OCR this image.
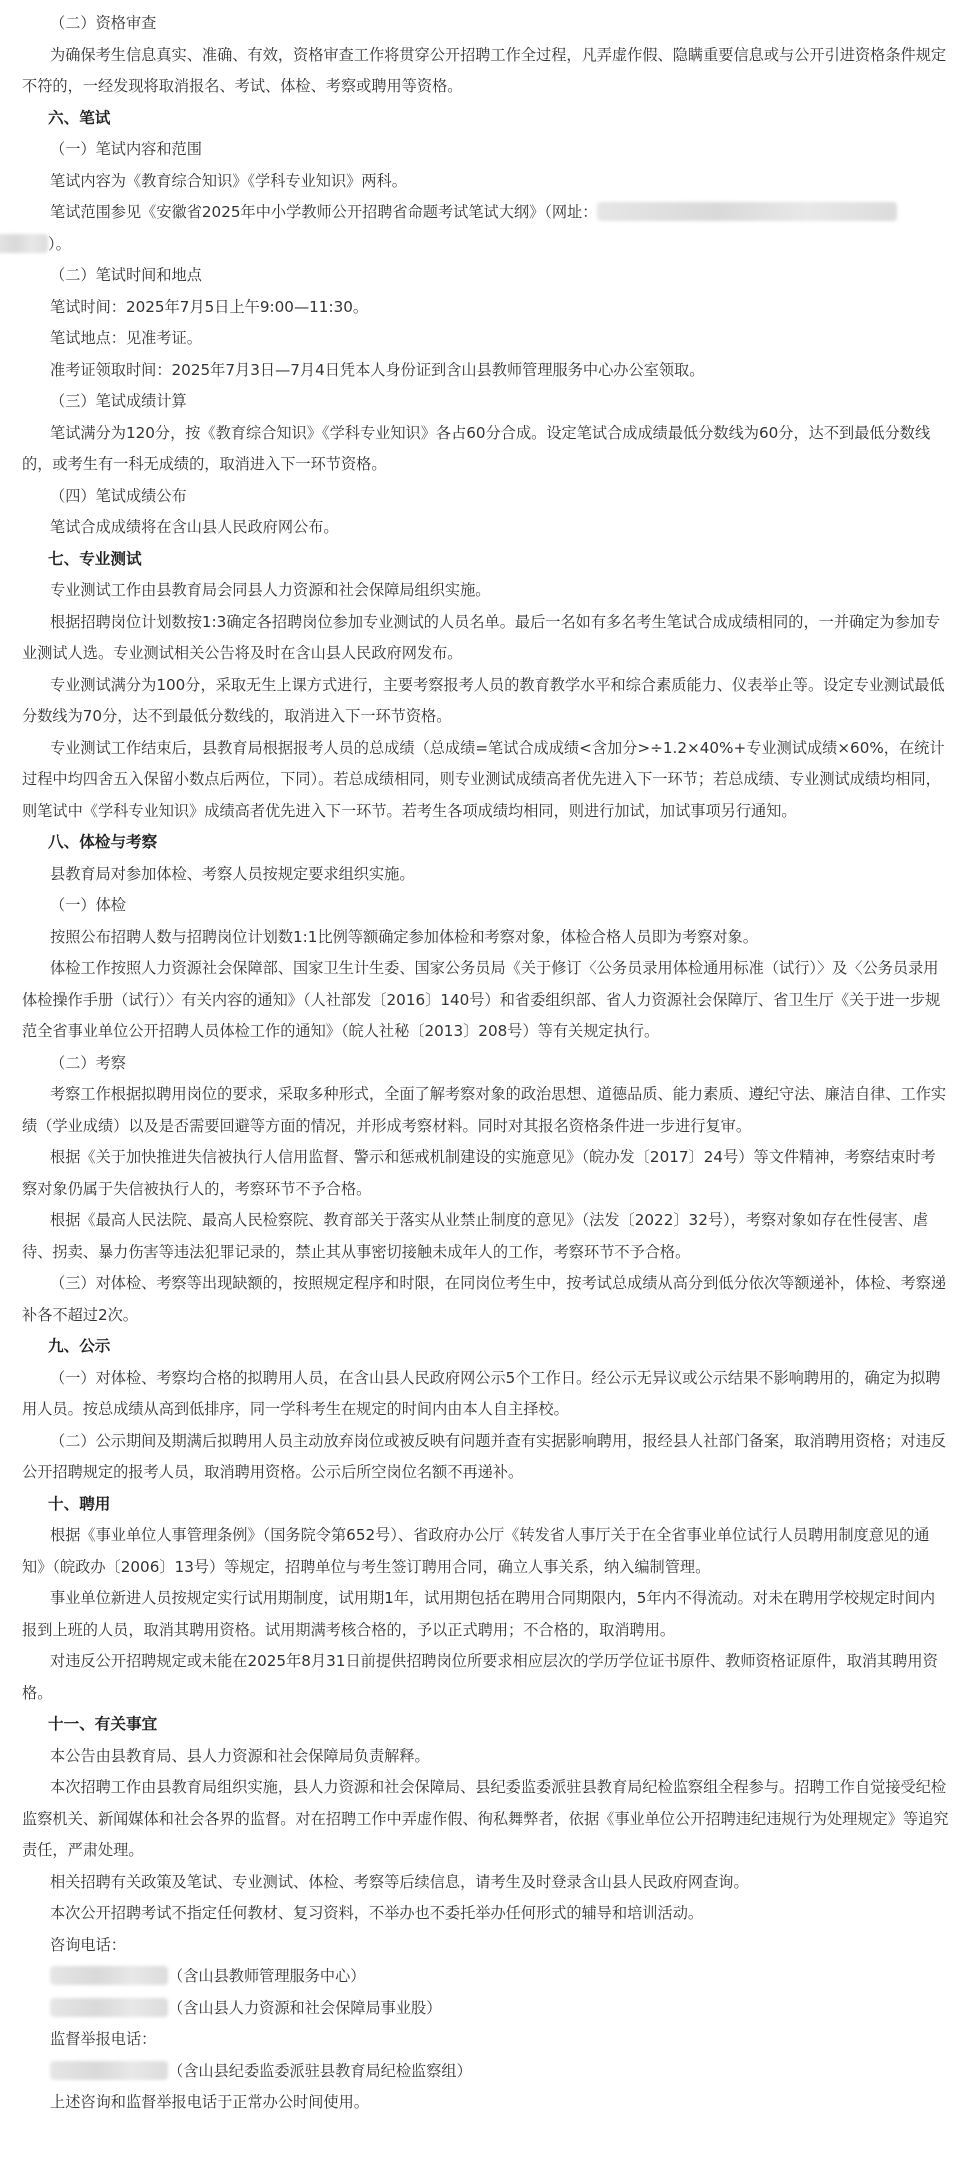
（二）资格审查

为确保考生信息真实、准确、有效，资格审查工作将贯穿公开招聘工作全过程，凡弄虚作假、隐瞒重要信息或与公开引进资格条件规定不符的，一经发现将取消报名、考试、体检、考察或聘用等资格。

六、笔试

（一）笔试内容和范围

笔试内容为《教育综合知识》《学科专业知识》两科。

笔试范围参见《安徽省2025年中小学教师公开招聘省命题考试笔试大纲》（网址：
）。

（二）笔试时间和地点

笔试时间：2025年7月5日上午9:00—11:30。

笔试地点：见准考证。

准考证领取时间：2025年7月3日—7月4日凭本人身份证到含山县教师管理服务中心办公室领取。

（三）笔试成绩计算

笔试满分为120分，按《教育综合知识》《学科专业知识》各占60分合成。设定笔试合成成绩最低分数线为60分，达不到最低分数线的，或考生有一科无成绩的，取消进入下一环节资格。

（四）笔试成绩公布

笔试合成成绩将在含山县人民政府网公布。

七、专业测试

专业测试工作由县教育局会同县人力资源和社会保障局组织实施。

根据招聘岗位计划数按1:3确定各招聘岗位参加专业测试的人员名单。最后一名如有多名考生笔试合成成绩相同的，一并确定为参加专业测试人选。专业测试相关公告将及时在含山县人民政府网发布。

专业测试满分为100分，采取无生上课方式进行，主要考察报考人员的教育教学水平和综合素质能力、仪表举止等。设定专业测试最低分数线为70分，达不到最低分数线的，取消进入下一环节资格。

专业测试工作结束后，县教育局根据报考人员的总成绩（总成绩=笔试合成成绩<含加分>÷1.2×40%+专业测试成绩×60%，在统计过程中均四舍五入保留小数点后两位，下同）。若总成绩相同，则专业测试成绩高者优先进入下一环节；若总成绩、专业测试成绩均相同，则笔试中《学科专业知识》成绩高者优先进入下一环节。若考生各项成绩均相同，则进行加试，加试事项另行通知。

八、体检与考察

县教育局对参加体检、考察人员按规定要求组织实施。

（一）体检

按照公布招聘人数与招聘岗位计划数1:1比例等额确定参加体检和考察对象，体检合格人员即为考察对象。

体检工作按照人力资源社会保障部、国家卫生计生委、国家公务员局《关于修订〈公务员录用体检通用标准（试行）〉及〈公务员录用体检操作手册（试行）〉有关内容的通知》（人社部发〔2016〕140号）和省委组织部、省人力资源社会保障厅、省卫生厅《关于进一步规范全省事业单位公开招聘人员体检工作的通知》（皖人社秘〔2013〕208号）等有关规定执行。

（二）考察

考察工作根据拟聘用岗位的要求，采取多种形式，全面了解考察对象的政治思想、道德品质、能力素质、遵纪守法、廉洁自律、工作实绩（学业成绩）以及是否需要回避等方面的情况，并形成考察材料。同时对其报名资格条件进一步进行复审。

根据《关于加快推进失信被执行人信用监督、警示和惩戒机制建设的实施意见》（皖办发〔2017〕24号）等文件精神，考察结束时考察对象仍属于失信被执行人的，考察环节不予合格。

根据《最高人民法院、最高人民检察院、教育部关于落实从业禁止制度的意见》（法发〔2022〕32号），考察对象如存在性侵害、虐待、拐卖、暴力伤害等违法犯罪记录的，禁止其从事密切接触未成年人的工作，考察环节不予合格。

（三）对体检、考察等出现缺额的，按照规定程序和时限，在同岗位考生中，按考试总成绩从高分到低分依次等额递补，体检、考察递补各不超过2次。

九、公示

（一）对体检、考察均合格的拟聘用人员，在含山县人民政府网公示5个工作日。经公示无异议或公示结果不影响聘用的，确定为拟聘用人员。按总成绩从高到低排序，同一学科考生在规定的时间内由本人自主择校。

（二）公示期间及期满后拟聘用人员主动放弃岗位或被反映有问题并查有实据影响聘用，报经县人社部门备案，取消聘用资格；对违反公开招聘规定的报考人员，取消聘用资格。公示后所空岗位名额不再递补。

十、聘用

根据《事业单位人事管理条例》（国务院令第652号）、省政府办公厅《转发省人事厅关于在全省事业单位试行人员聘用制度意见的通知》（皖政办〔2006〕13号）等规定，招聘单位与考生签订聘用合同，确立人事关系，纳入编制管理。

事业单位新进人员按规定实行试用期制度，试用期1年，试用期包括在聘用合同期限内，5年内不得流动。对未在聘用学校规定时间内报到上班的人员，取消其聘用资格。试用期满考核合格的，予以正式聘用；不合格的，取消聘用。

对违反公开招聘规定或未能在2025年8月31日前提供招聘岗位所要求相应层次的学历学位证书原件、教师资格证原件，取消其聘用资格。

十一、有关事宜

本公告由县教育局、县人力资源和社会保障局负责解释。

本次招聘工作由县教育局组织实施，县人力资源和社会保障局、县纪委监委派驻县教育局纪检监察组全程参与。招聘工作自觉接受纪检监察机关、新闻媒体和社会各界的监督。对在招聘工作中弄虚作假、徇私舞弊者，依据《事业单位公开招聘违纪违规行为处理规定》等追究责任，严肃处理。

相关招聘有关政策及笔试、专业测试、体检、考察等后续信息，请考生及时登录含山县人民政府网查询。

本次公开招聘考试不指定任何教材、复习资料，不举办也不委托举办任何形式的辅导和培训活动。

咨询电话：

（含山县教师管理服务中心）

（含山县人力资源和社会保障局事业股）

监督举报电话：

（含山县纪委监委派驻县教育局纪检监察组）

上述咨询和监督举报电话于正常办公时间使用。
